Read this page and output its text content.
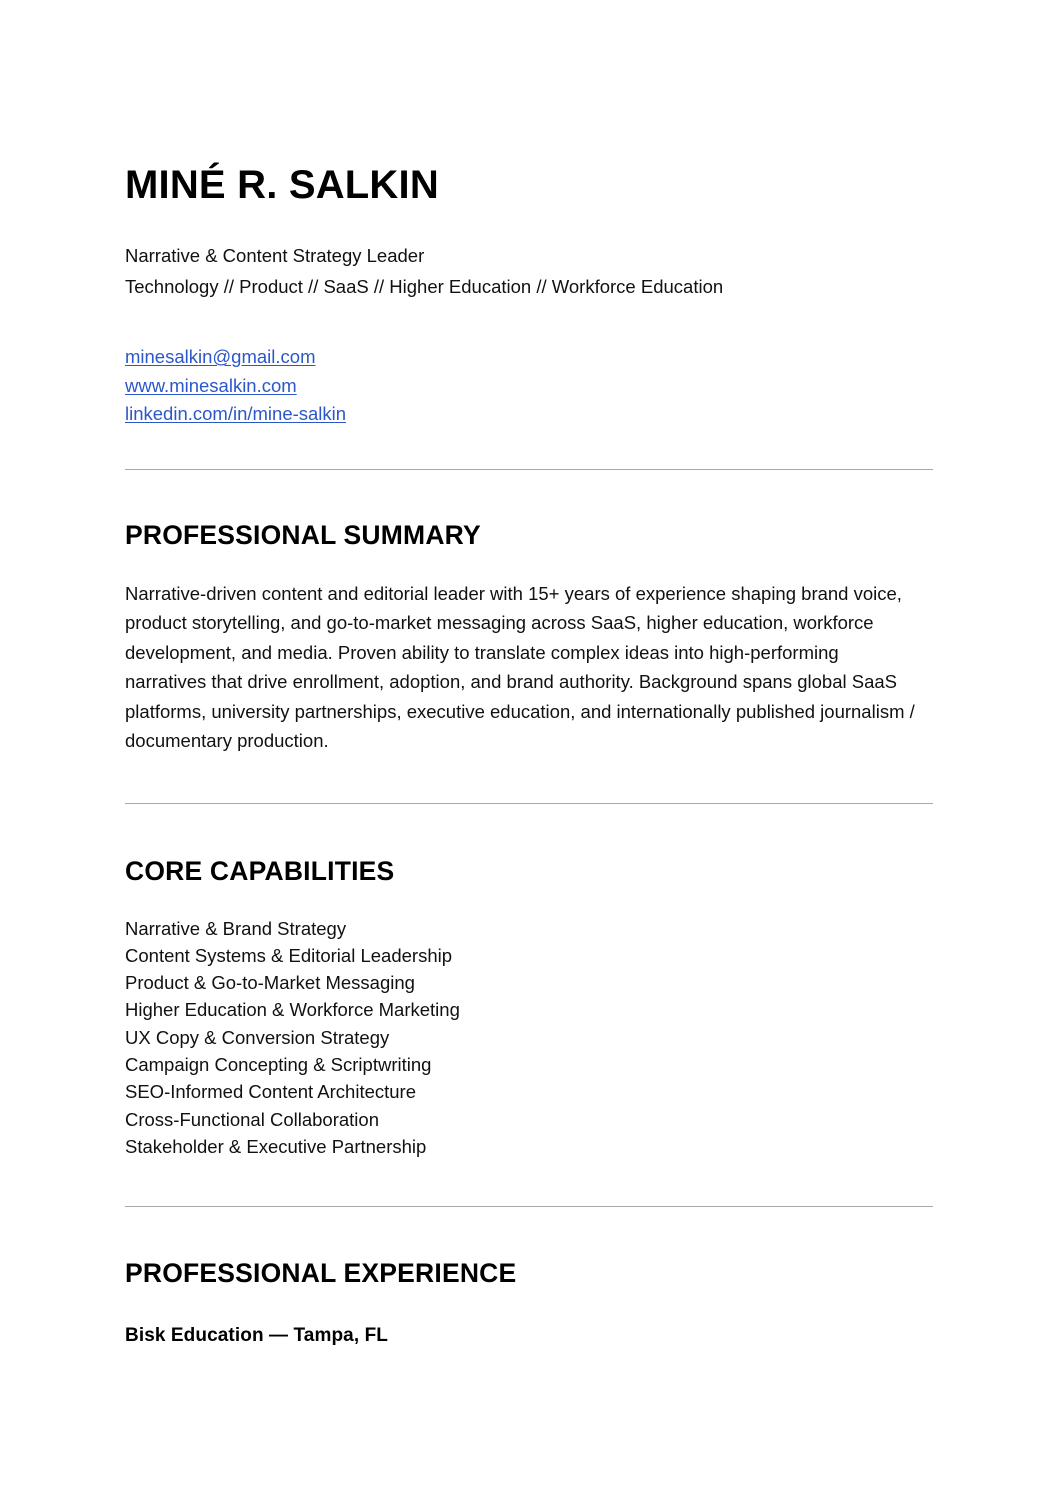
MINÉ R. SALKIN
Narrative & Content Strategy Leader
Technology // Product // SaaS // Higher Education // Workforce Education
minesalkin@gmail.com
www.minesalkin.com
linkedin.com/in/mine-salkin
PROFESSIONAL SUMMARY

Narrative-driven content and editorial leader with 15+ years of experience shaping brand voice, product storytelling, and go-to-market messaging across SaaS, higher education, workforce development, and media. Proven ability to translate complex ideas into high-performing narratives that drive enrollment, adoption, and brand authority. Background spans global SaaS platforms, university partnerships, executive education, and internationally published journalism / documentary production.

CORE CAPABILITIES
Narrative & Brand Strategy
Content Systems & Editorial Leadership
Product & Go-to-Market Messaging
Higher Education & Workforce Marketing
UX Copy & Conversion Strategy
Campaign Concepting & Scriptwriting
SEO-Informed Content Architecture
Cross-Functional Collaboration
Stakeholder & Executive Partnership
PROFESSIONAL EXPERIENCE
Bisk Education — Tampa, FL
